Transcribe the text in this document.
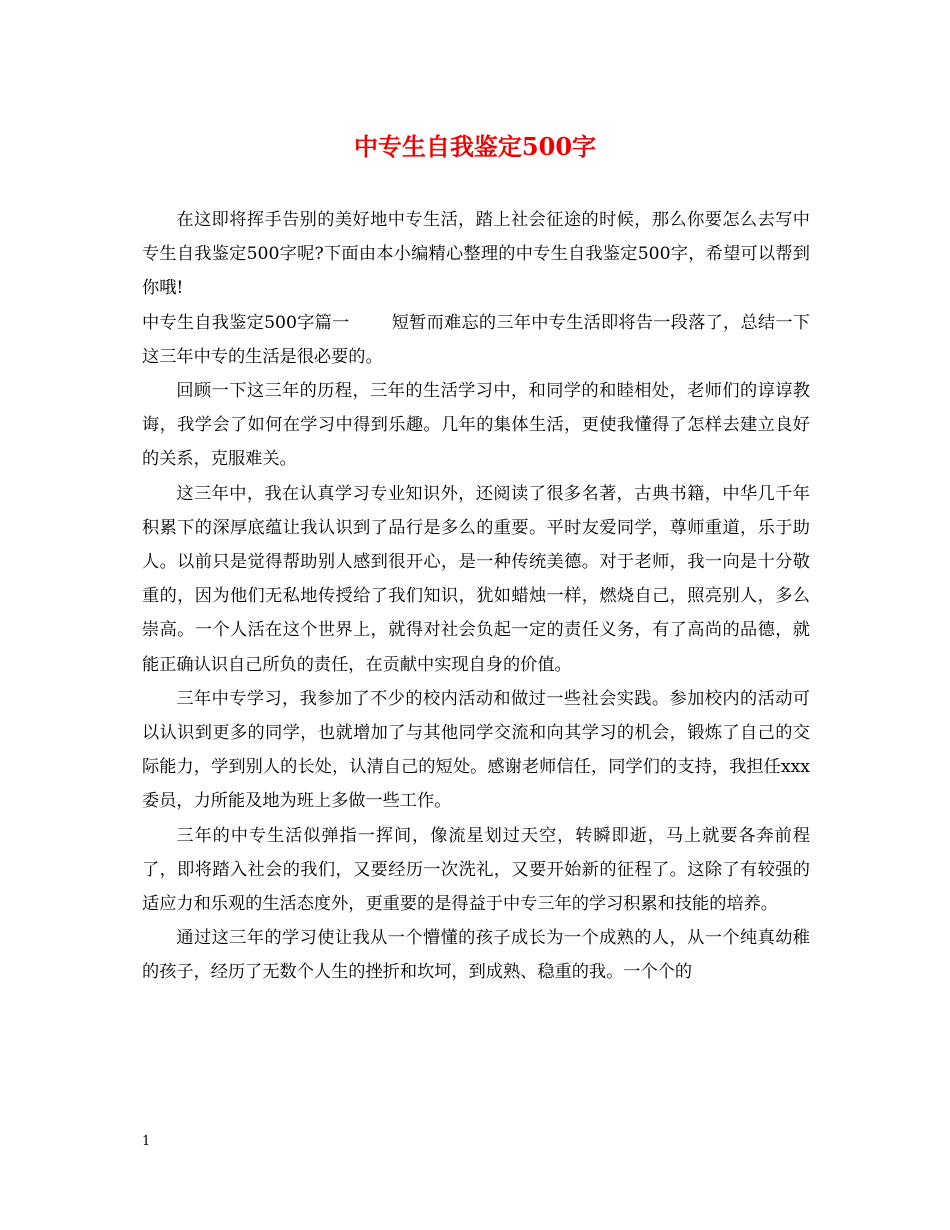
中专生自我鉴定500字

在这即将挥手告别的美好地中专生活，踏上社会征途的时候，那么你要怎么去写中专生自我鉴定500字呢?下面由本小编精心整理的中专生自我鉴定500字，希望可以帮到你哦!

中专生自我鉴定500字篇一 短暂而难忘的三年中专生活即将告一段落了，总结一下这三年中专的生活是很必要的。

回顾一下这三年的历程，三年的生活学习中，和同学的和睦相处，老师们的谆谆教诲，我学会了如何在学习中得到乐趣。几年的集体生活，更使我懂得了怎样去建立良好的关系，克服难关。

这三年中，我在认真学习专业知识外，还阅读了很多名著，古典书籍，中华几千年积累下的深厚底蕴让我认识到了品行是多么的重要。平时友爱同学，尊师重道，乐于助人。以前只是觉得帮助别人感到很开心，是一种传统美德。对于老师，我一向是十分敬重的，因为他们无私地传授给了我们知识，犹如蜡烛一样，燃烧自己，照亮别人，多么崇高。一个人活在这个世界上，就得对社会负起一定的责任义务，有了高尚的品德，就能正确认识自己所负的责任，在贡献中实现自身的价值。

三年中专学习，我参加了不少的校内活动和做过一些社会实践。参加校内的活动可以认识到更多的同学，也就增加了与其他同学交流和向其学习的机会，锻炼了自己的交际能力，学到别人的长处，认清自己的短处。感谢老师信任，同学们的支持，我担任xxx委员，力所能及地为班上多做一些工作。

三年的中专生活似弹指一挥间，像流星划过天空，转瞬即逝，马上就要各奔前程了，即将踏入社会的我们，又要经历一次洗礼，又要开始新的征程了。这除了有较强的适应力和乐观的生活态度外，更重要的是得益于中专三年的学习积累和技能的培养。

通过这三年的学习使让我从一个懵懂的孩子成长为一个成熟的人，从一个纯真幼稚的孩子，经历了无数个人生的挫折和坎坷，到成熟、稳重的我。一个个的

1
